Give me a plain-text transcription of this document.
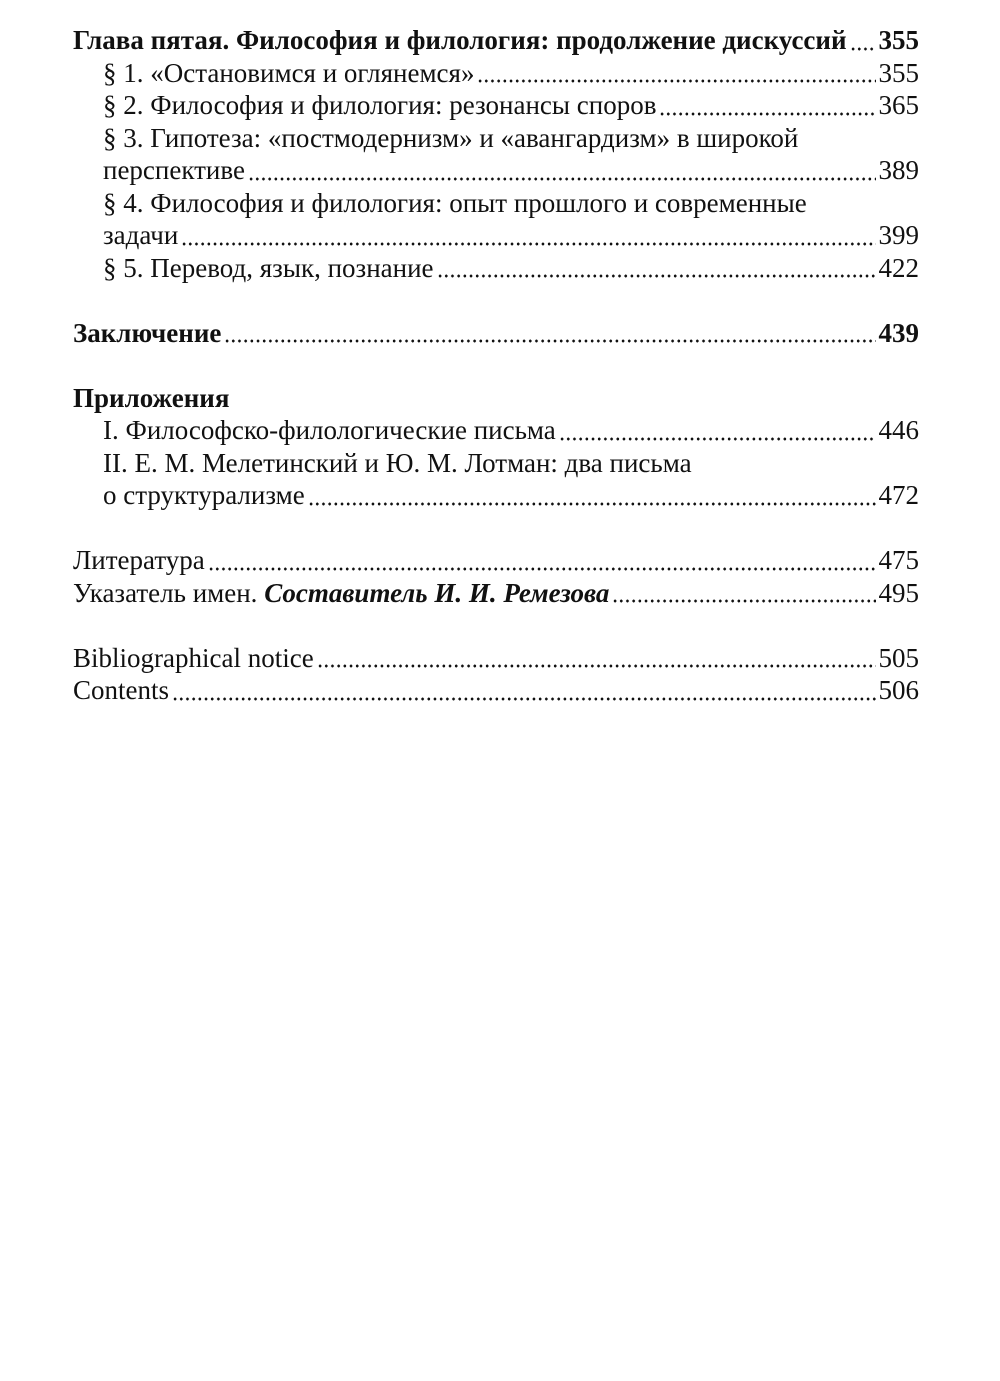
Глава пятая. Философия и филология: продолжение дискуссий 355
§ 1. «Остановимся и оглянемся»	355
§ 2. Философия и филология: резонансы споров	365
§ 3. Гипотеза: «постмодернизм» и «авангардизм» в широкой
перспективе	389
§ 4. Философия и филология: опыт прошлого и современные
задачи	399
§ 5. Перевод, язык, познание	422
Заключение	439
Приложения
I. Философско-филологические письма	446
II. Е. М. Мелетинский и Ю. М. Лотман: два письма
о структурализме	472
Литература	475
Указатель имен. Составитель И. И. Ремезова	495
Bibliographical notice	505
Contents	506
